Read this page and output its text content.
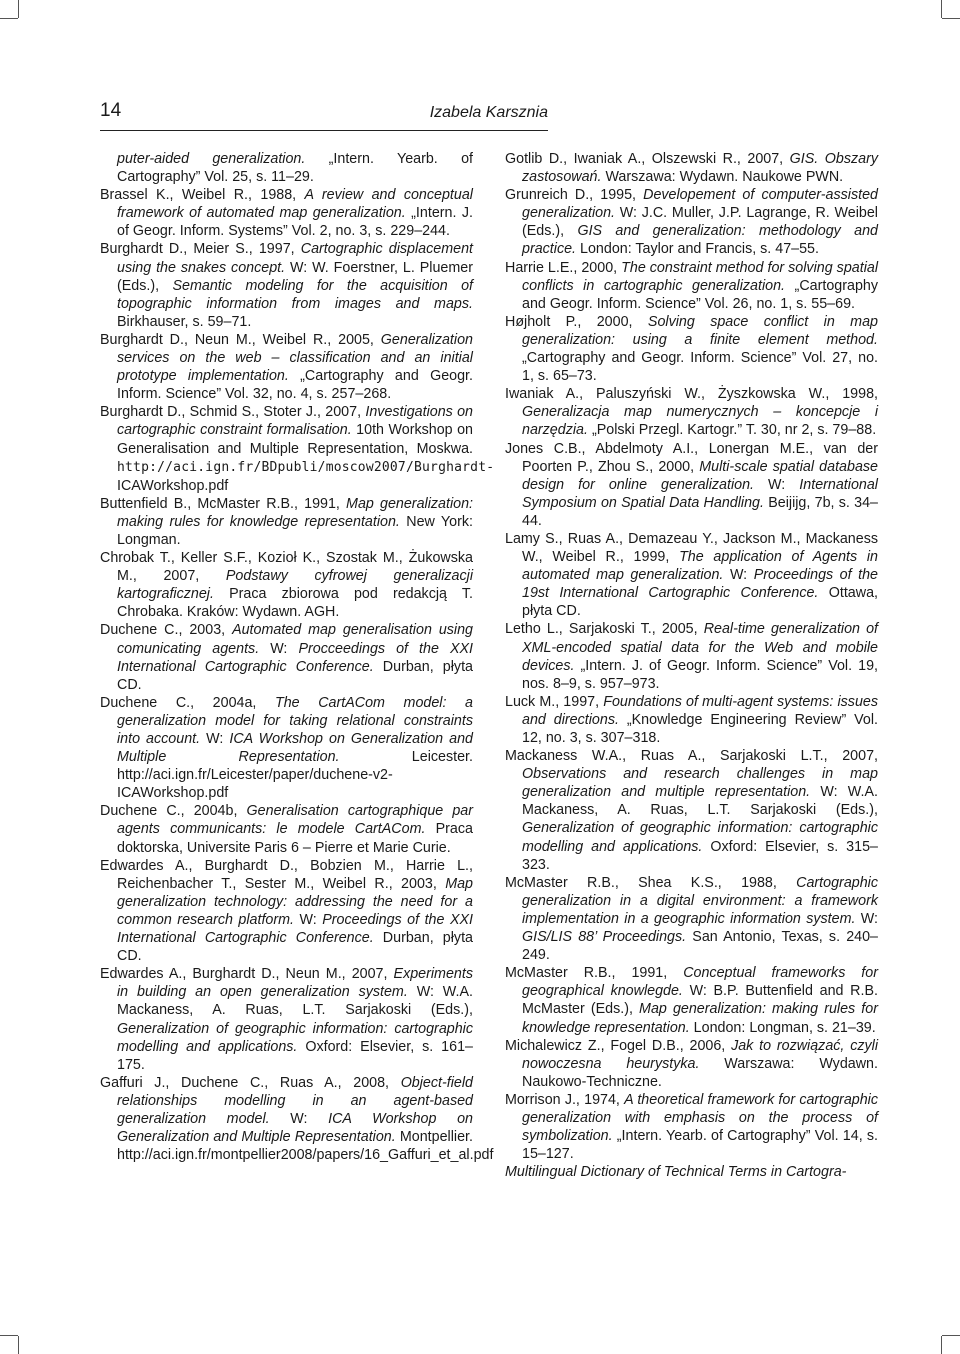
14	Izabela Karsznia

puter-aided generalization. „Intern. Yearb. of Cartography” Vol. 25, s. 11–29.

Brassel K., Weibel R., 1988, A review and conceptual framework of automated map generalization. „Intern. J. of Geogr. Inform. Systems” Vol. 2, no. 3, s. 229–244.

Burghardt D., Meier S., 1997, Cartographic displacement using the snakes concept. W: W. Foerstner, L. Pluemer (Eds.), Semantic modeling for the acquisition of topographic information from images and maps. Birkhauser, s. 59–71.

Burghardt D., Neun M., Weibel R., 2005, Generalization services on the web – classification and an initial prototype implementation. „Cartography and Geogr. Inform. Science” Vol. 32, no. 4, s. 257–268.

Burghardt D., Schmid S., Stoter J., 2007, Investigations on cartographic constraint formalisation. 10th Workshop on Generalisation and Multiple Representation, Moskwa. http://aci.ign.fr/BDpubli/moscow2007/Burghardt-ICAWorkshop.pdf

Buttenfield B., McMaster R.B., 1991, Map generalization: making rules for knowledge representation. New York: Longman.

Chrobak T., Keller S.F., Kozioł K., Szostak M., Żukowska M., 2007, Podstawy cyfrowej generalizacji kartograficznej. Praca zbiorowa pod redakcją T. Chrobaka. Kraków: Wydawn. AGH.

Duchene C., 2003, Automated map generalisation using comunicating agents. W: Procceedings of the XXI International Cartographic Conference. Durban, płyta CD.

Duchene C., 2004a, The CartACom model: a generalization model for taking relational constraints into account. W: ICA Workshop on Generalization and Multiple Representation. Leicester. http://aci.ign.fr/Leicester/paper/duchene-v2-ICAWorkshop.pdf

Duchene C., 2004b, Generalisation cartographique par agents communicants: le modele CartACom. Praca doktorska, Universite Paris 6 – Pierre et Marie Curie.

Edwardes A., Burghardt D., Bobzien M., Harrie L., Reichenbacher T., Sester M., Weibel R., 2003, Map generalization technology: addressing the need for a common research platform. W: Proceedings of the XXI International Cartographic Conference. Durban, płyta CD.

Edwardes A., Burghardt D., Neun M., 2007, Experiments in building an open generalization system. W: W.A. Mackaness, A. Ruas, L.T. Sarjakoski (Eds.), Generalization of geographic information: cartographic modelling and applications. Oxford: Elsevier, s. 161–175.

Gaffuri J., Duchene C., Ruas A., 2008, Object-field relationships modelling in an agent-based generalization model. W: ICA Workshop on Generalization and Multiple Representation. Montpellier. http://aci.ign.fr/montpellier2008/papers/16_Gaffuri_et_al.pdf

Gotlib D., Iwaniak A., Olszewski R., 2007, GIS. Obszary zastosowań. Warszawa: Wydawn. Naukowe PWN.

Grunreich D., 1995, Developement of computer-assisted generalization. W: J.C. Muller, J.P. Lagrange, R. Weibel (Eds.), GIS and generalization: methodology and practice. London: Taylor and Francis, s. 47–55.

Harrie L.E., 2000, The constraint method for solving spatial conflicts in cartographic generalization. „Cartography and Geogr. Inform. Science” Vol. 26, no. 1, s. 55–69.

Højholt P., 2000, Solving space conflict in map generalization: using a finite element method. „Cartography and Geogr. Inform. Science” Vol. 27, no. 1, s. 65–73.

Iwaniak A., Paluszyński W., Żyszkowska W., 1998, Generalizacja map numerycznych – koncepcje i narzędzia. „Polski Przegl. Kartogr.” T. 30, nr 2, s. 79–88.

Jones C.B., Abdelmoty A.I., Lonergan M.E., van der Poorten P., Zhou S., 2000, Multi-scale spatial database design for online generalization. W: International Symposium on Spatial Data Handling. Beijijg, 7b, s. 34–44.

Lamy S., Ruas A., Demazeau Y., Jackson M., Mackaness W., Weibel R., 1999, The application of Agents in automated map generalization. W: Proceedings of the 19st International Cartographic Conference. Ottawa, płyta CD.

Letho L., Sarjakoski T., 2005, Real-time generalization of XML-encoded spatial data for the Web and mobile devices. „Intern. J. of Geogr. Inform. Science” Vol. 19, nos. 8–9, s. 957–973.

Luck M., 1997, Foundations of multi-agent systems: issues and directions. „Knowledge Engineering Review” Vol. 12, no. 3, s. 307–318.

Mackaness W.A., Ruas A., Sarjakoski L.T., 2007, Observations and research challenges in map generalization and multiple representation. W: W.A. Mackaness, A. Ruas, L.T. Sarjakoski (Eds.), Generalization of geographic information: cartographic modelling and applications. Oxford: Elsevier, s. 315–323.

McMaster R.B., Shea K.S., 1988, Cartographic generalization in a digital environment: a framework implementation in a geographic information system. W: GIS/LIS 88’ Proceedings. San Antonio, Texas, s. 240–249.

McMaster R.B., 1991, Conceptual frameworks for geographical knowlegde. W: B.P. Buttenfield and R.B. McMaster (Eds.), Map generalization: making rules for knowledge representation. London: Longman, s. 21–39.

Michalewicz Z., Fogel D.B., 2006, Jak to rozwiązać, czyli nowoczesna heurystyka. Warszawa: Wydawn. Naukowo-Techniczne.

Morrison J., 1974, A theoretical framework for cartographic generalization with emphasis on the process of symbolization. „Intern. Yearb. of Cartography” Vol. 14, s. 15–127.

Multilingual Dictionary of Technical Terms in Cartogra-
